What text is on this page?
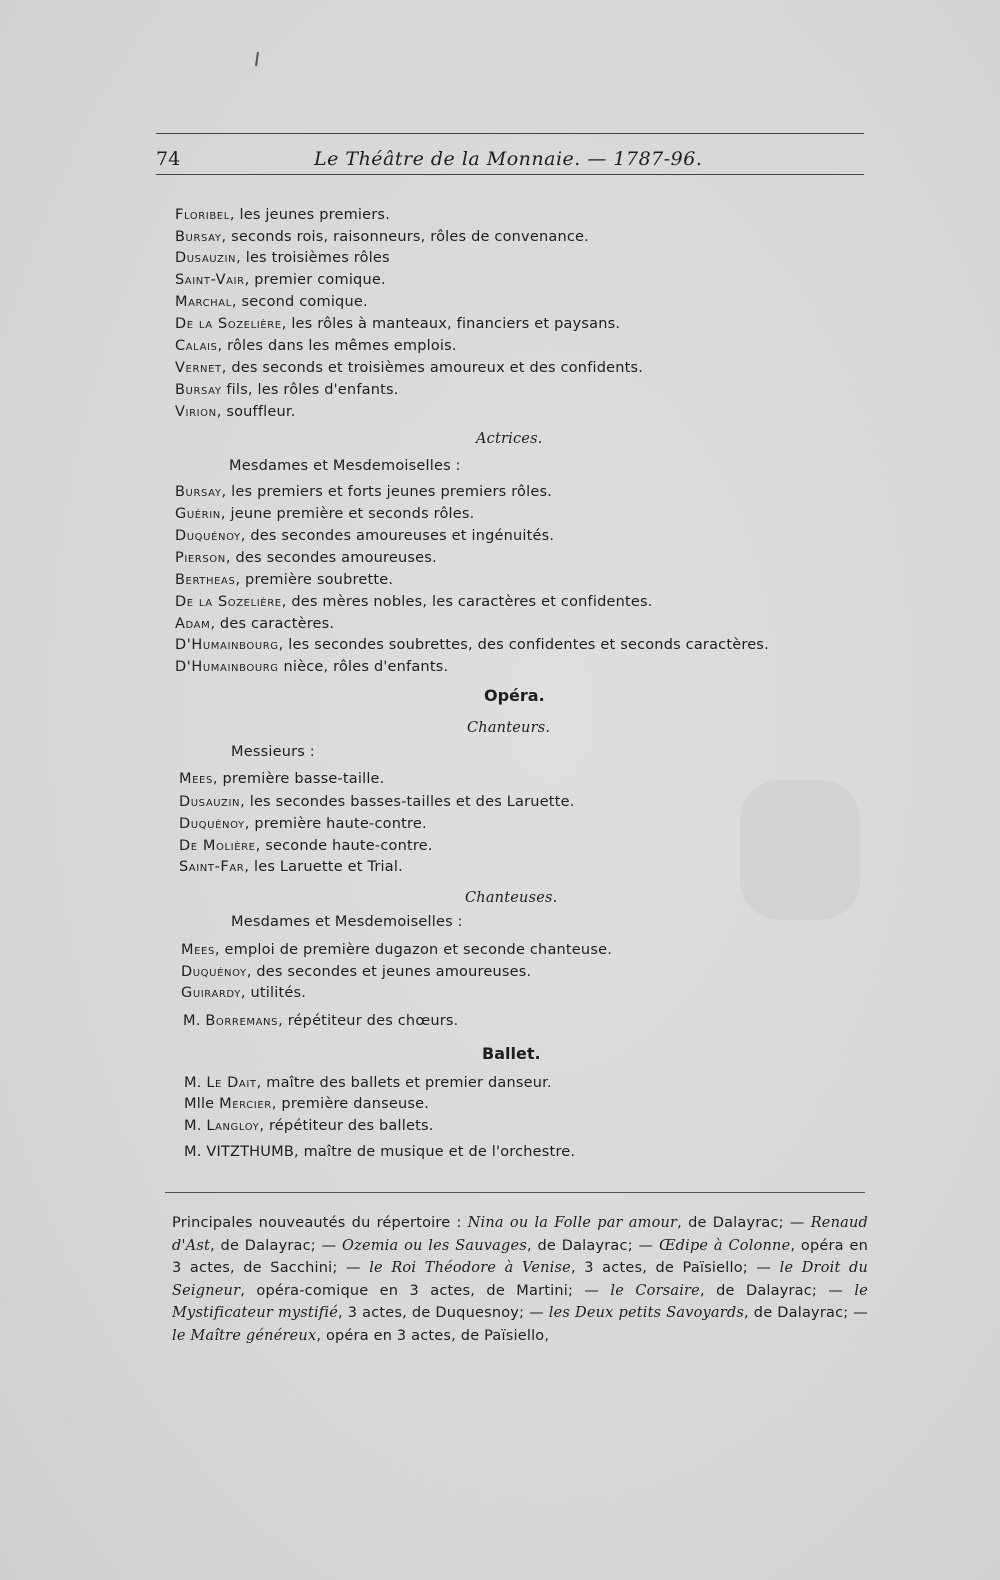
74	Le Théâtre de la Monnaie. — 1787-96.
Floribel, les jeunes premiers.
Bursay, seconds rois, raisonneurs, rôles de convenance.
Dusauzin, les troisièmes rôles
Saint-Vair, premier comique.
Marchal, second comique.
De la Sozelière, les rôles à manteaux, financiers et paysans.
Calais, rôles dans les mêmes emplois.
Vernet, des seconds et troisièmes amoureux et des confidents.
Bursay fils, les rôles d'enfants.
Virion, souffleur.
Actrices.
Mesdames et Mesdemoiselles :
Bursay, les premiers et forts jeunes premiers rôles.
Guérin, jeune première et seconds rôles.
Duquénoy, des secondes amoureuses et ingénuités.
Pierson, des secondes amoureuses.
Bertheas, première soubrette.
De la Sozelière, des mères nobles, les caractères et confidentes.
Adam, des caractères.
D'Humainbourg, les secondes soubrettes, des confidentes et seconds caractères.
D'Humainbourg nièce, rôles d'enfants.
Opéra.
Chanteurs.
Messieurs :
Mees, première basse-taille.
Dusauzin, les secondes basses-tailles et des Laruette.
Duquénoy, première haute-contre.
De Molière, seconde haute-contre.
Saint-Far, les Laruette et Trial.
Chanteuses.
Mesdames et Mesdemoiselles :
Mees, emploi de première dugazon et seconde chanteuse.
Duquénoy, des secondes et jeunes amoureuses.
Guirardy, utilités.
M. Borremans, répétiteur des chœurs.
Ballet.
M. Le Dait, maître des ballets et premier danseur.
Mlle Mercier, première danseuse.
M. Langloy, répétiteur des ballets.
M. VITZTHUMB, maître de musique et de l'orchestre.
Principales nouveautés du répertoire : Nina ou la Folle par amour, de Dalayrac; — Renaud d'Ast, de Dalayrac; — Ozemia ou les Sauvages, de Dalayrac; — Œdipe à Colonne, opéra en 3 actes, de Sacchini; — le Roi Théodore à Venise, 3 actes, de Païsiello; — le Droit du Seigneur, opéra-comique en 3 actes, de Martini; — le Corsaire, de Dalayrac; — le Mystificateur mystifié, 3 actes, de Duquesnoy; — les Deux petits Savoyards, de Dalayrac; — le Maître généreux, opéra en 3 actes, de Païsiello,
